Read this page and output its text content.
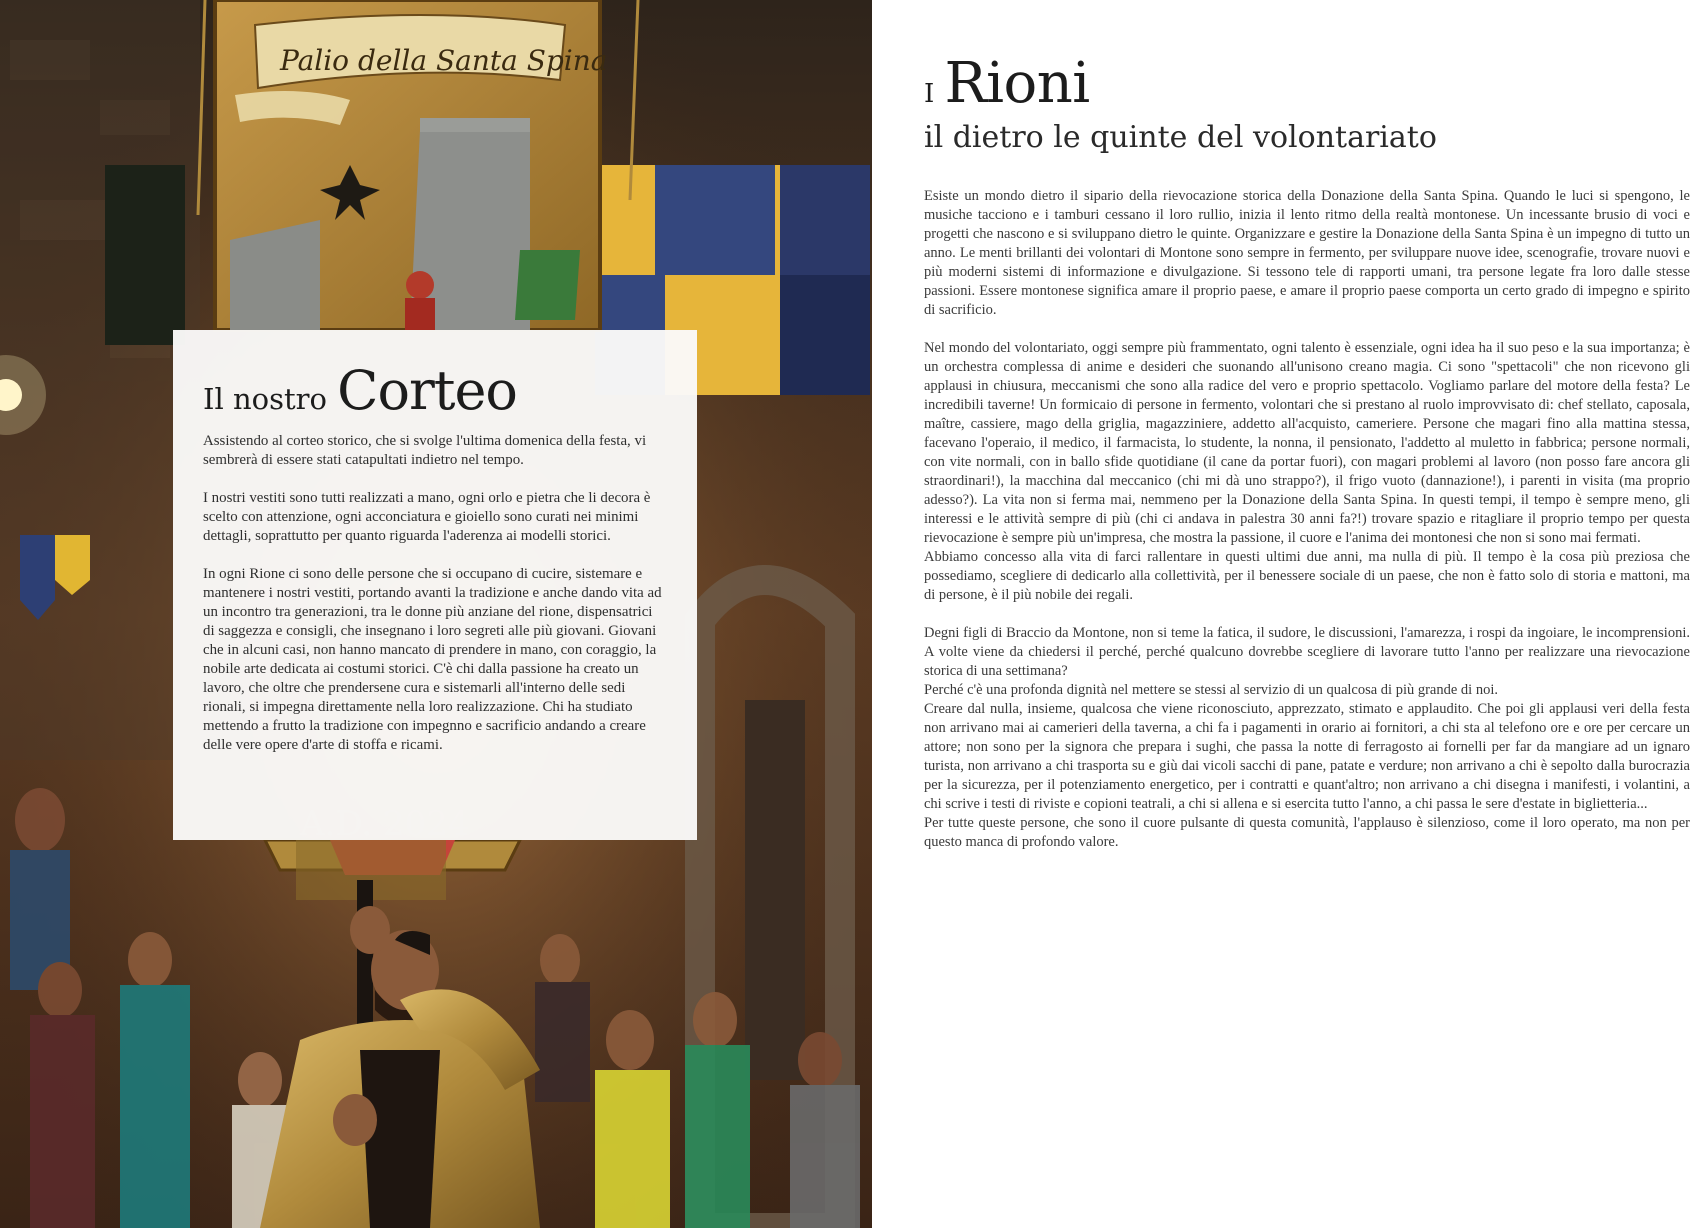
Palio della Santa Spina
Il nostro Corteo

Assistendo al corteo storico, che si svolge l'ultima domenica della festa, vi sembrerà di essere stati catapultati indietro nel tempo.

I nostri vestiti sono tutti realizzati a mano, ogni orlo e pietra che li decora è scelto con attenzione, ogni acconciatura e gioiello sono curati nei minimi dettagli, soprattutto per quanto riguarda l'aderenza ai modelli storici.

In ogni Rione ci sono delle persone che si occupano di cucire, sistemare e mantenere i nostri vestiti, portando avanti la tradizione e anche dando vita ad un incontro tra generazioni, tra le donne più anziane del rione, dispensatrici di saggezza e consigli, che insegnano i loro segreti alle più giovani. Giovani che in alcuni casi, non hanno mancato di prendere in mano, con coraggio, la nobile arte dedicata ai costumi storici. C'è chi dalla passione ha creato un lavoro, che oltre che prendersene cura e sistemarli all'interno delle sedi rionali, si impegna direttamente nella loro realizzazione. Chi ha studiato mettendo a frutto la tradizione con impegnno e sacrificio andando a creare delle vere opere d'arte di stoffa e ricami.

I Rioni
il dietro le quinte del volontariato

Esiste un mondo dietro il sipario della rievocazione storica della Donazione della Santa Spina. Quando le luci si spengono, le musiche tacciono e i tamburi cessano il loro rullio, inizia il lento ritmo della realtà montonese. Un incessante brusio di voci e progetti che nascono e si sviluppano dietro le quinte. Organizzare e gestire la Donazione della Santa Spina è un impegno di tutto un anno. Le menti brillanti dei volontari di Montone sono sempre in fermento, per sviluppare nuove idee, scenografie, trovare nuovi e più moderni sistemi di informazione e divulgazione. Si tessono tele di rapporti umani, tra persone legate fra loro dalle stesse passioni. Essere montonese significa amare il proprio paese, e amare il proprio paese comporta un certo grado di impegno e spirito di sacrificio.

Nel mondo del volontariato, oggi sempre più frammentato, ogni talento è essenziale, ogni idea ha il suo peso e la sua importanza; è un orchestra complessa di anime e desideri che suonando all'unisono creano magia. Ci sono "spettacoli" che non ricevono gli applausi in chiusura, meccanismi che sono alla radice del vero e proprio spettacolo. Vogliamo parlare del motore della festa? Le incredibili taverne! Un formicaio di persone in fermento, volontari che si prestano al ruolo improvvisato di: chef stellato, caposala, maître, cassiere, mago della griglia, magazziniere, addetto all'acquisto, cameriere. Persone che magari fino alla mattina stessa, facevano l'operaio, il medico, il farmacista, lo studente, la nonna, il pensionato, l'addetto al muletto in fabbrica; persone normali, con vite normali, con in ballo sfide quotidiane (il cane da portar fuori), con magari problemi al lavoro (non posso fare ancora gli straordinari!), la macchina dal meccanico (chi mi dà uno strappo?), il frigo vuoto (dannazione!), i parenti in visita (ma proprio adesso?). La vita non si ferma mai, nemmeno per la Donazione della Santa Spina. In questi tempi, il tempo è sempre meno, gli interessi e le attività sempre di più (chi ci andava in palestra 30 anni fa?!) trovare spazio e ritagliare il proprio tempo per questa rievocazione è sempre più un'impresa, che mostra la passione, il cuore e l'anima dei montonesi che non si sono mai fermati.

Abbiamo concesso alla vita di farci rallentare in questi ultimi due anni, ma nulla di più. Il tempo è la cosa più preziosa che possediamo, scegliere di dedicarlo alla collettività, per il benessere sociale di un paese, che non è fatto solo di storia e mattoni, ma di persone, è il più nobile dei regali.

Degni figli di Braccio da Montone, non si teme la fatica, il sudore, le discussioni, l'amarezza, i rospi da ingoiare, le incomprensioni. A volte viene da chiedersi il perché, perché qualcuno dovrebbe scegliere di lavorare tutto l'anno per realizzare una rievocazione storica di una settimana?

Perché c'è una profonda dignità nel mettere se stessi al servizio di un qualcosa di più grande di noi.

Creare dal nulla, insieme, qualcosa che viene riconosciuto, apprezzato, stimato e applaudito. Che poi gli applausi veri della festa non arrivano mai ai camerieri della taverna, a chi fa i pagamenti in orario ai fornitori, a chi sta al telefono ore e ore per cercare un attore; non sono per la signora che prepara i sughi, che passa la notte di ferragosto ai fornelli per far da mangiare ad un ignaro turista, non arrivano a chi trasporta su e giù dai vicoli sacchi di pane, patate e verdure; non arrivano a chi è sepolto dalla burocrazia per la sicurezza, per il potenziamento energetico, per i contratti e quant'altro; non arrivano a chi disegna i manifesti, i volantini, a chi scrive i testi di riviste e copioni teatrali, a chi si allena e si esercita tutto l'anno, a chi passa le sere d'estate in biglietteria...

Per tutte queste persone, che sono il cuore pulsante di questa comunità, l'applauso è silenzioso, come il loro operato, ma non per questo manca di profondo valore.
